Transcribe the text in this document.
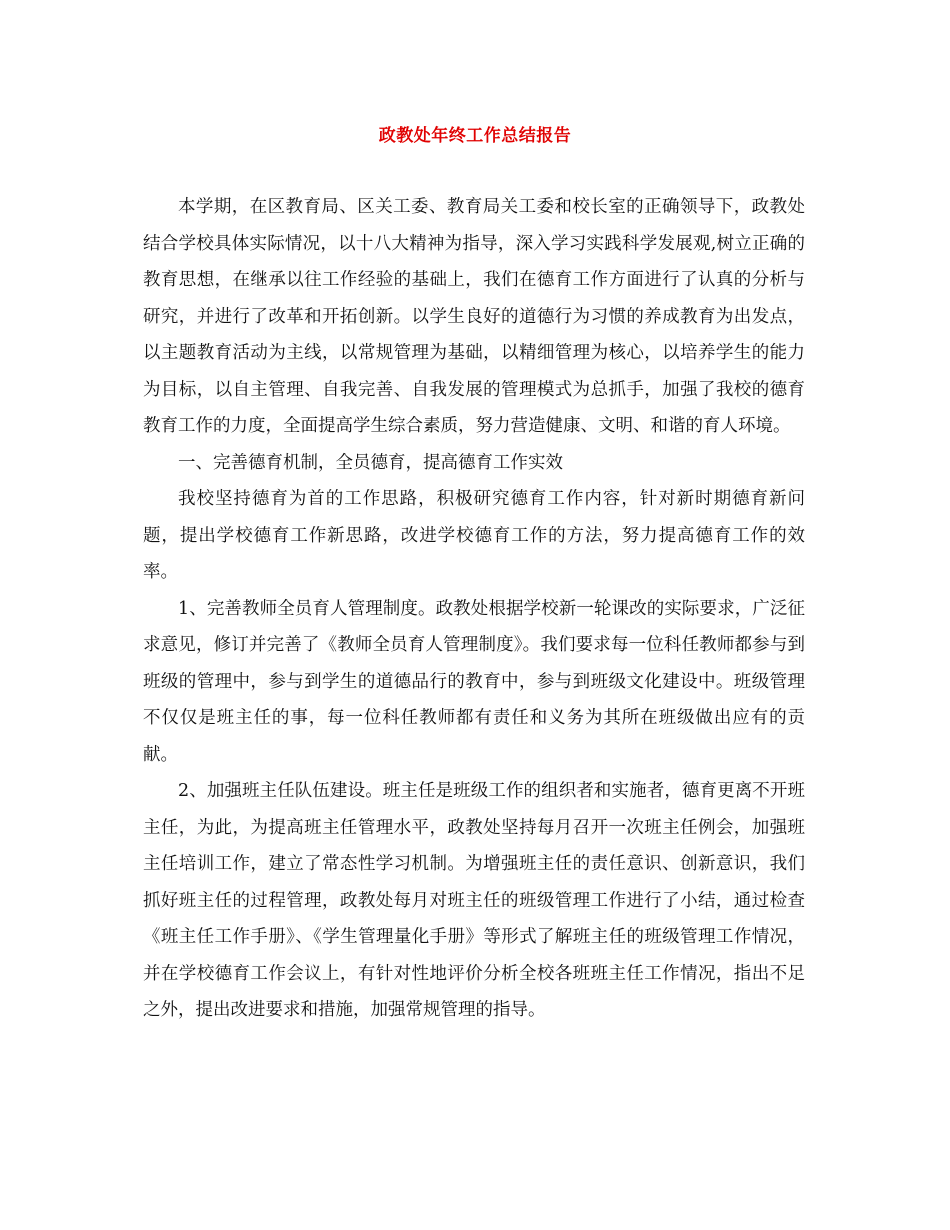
政教处年终工作总结报告

本学期，在区教育局、区关工委、教育局关工委和校长室的正确领导下，政教处结合学校具体实际情况，以十八大精神为指导，深入学习实践科学发展观,树立正确的教育思想，在继承以往工作经验的基础上，我们在德育工作方面进行了认真的分析与研究，并进行了改革和开拓创新。以学生良好的道德行为习惯的养成教育为出发点，以主题教育活动为主线，以常规管理为基础，以精细管理为核心，以培养学生的能力为目标，以自主管理、自我完善、自我发展的管理模式为总抓手，加强了我校的德育教育工作的力度，全面提高学生综合素质，努力营造健康、文明、和谐的育人环境。

一、完善德育机制，全员德育，提高德育工作实效

我校坚持德育为首的工作思路，积极研究德育工作内容，针对新时期德育新问题，提出学校德育工作新思路，改进学校德育工作的方法，努力提高德育工作的效率。

1、完善教师全员育人管理制度。政教处根据学校新一轮课改的实际要求，广泛征求意见，修订并完善了《教师全员育人管理制度》。我们要求每一位科任教师都参与到班级的管理中，参与到学生的道德品行的教育中，参与到班级文化建设中。班级管理不仅仅是班主任的事，每一位科任教师都有责任和义务为其所在班级做出应有的贡献。

2、加强班主任队伍建设。班主任是班级工作的组织者和实施者，德育更离不开班主任，为此，为提高班主任管理水平，政教处坚持每月召开一次班主任例会，加强班主任培训工作，建立了常态性学习机制。为增强班主任的责任意识、创新意识，我们抓好班主任的过程管理，政教处每月对班主任的班级管理工作进行了小结，通过检查《班主任工作手册》、《学生管理量化手册》等形式了解班主任的班级管理工作情况，并在学校德育工作会议上，有针对性地评价分析全校各班班主任工作情况，指出不足之外，提出改进要求和措施，加强常规管理的指导。
